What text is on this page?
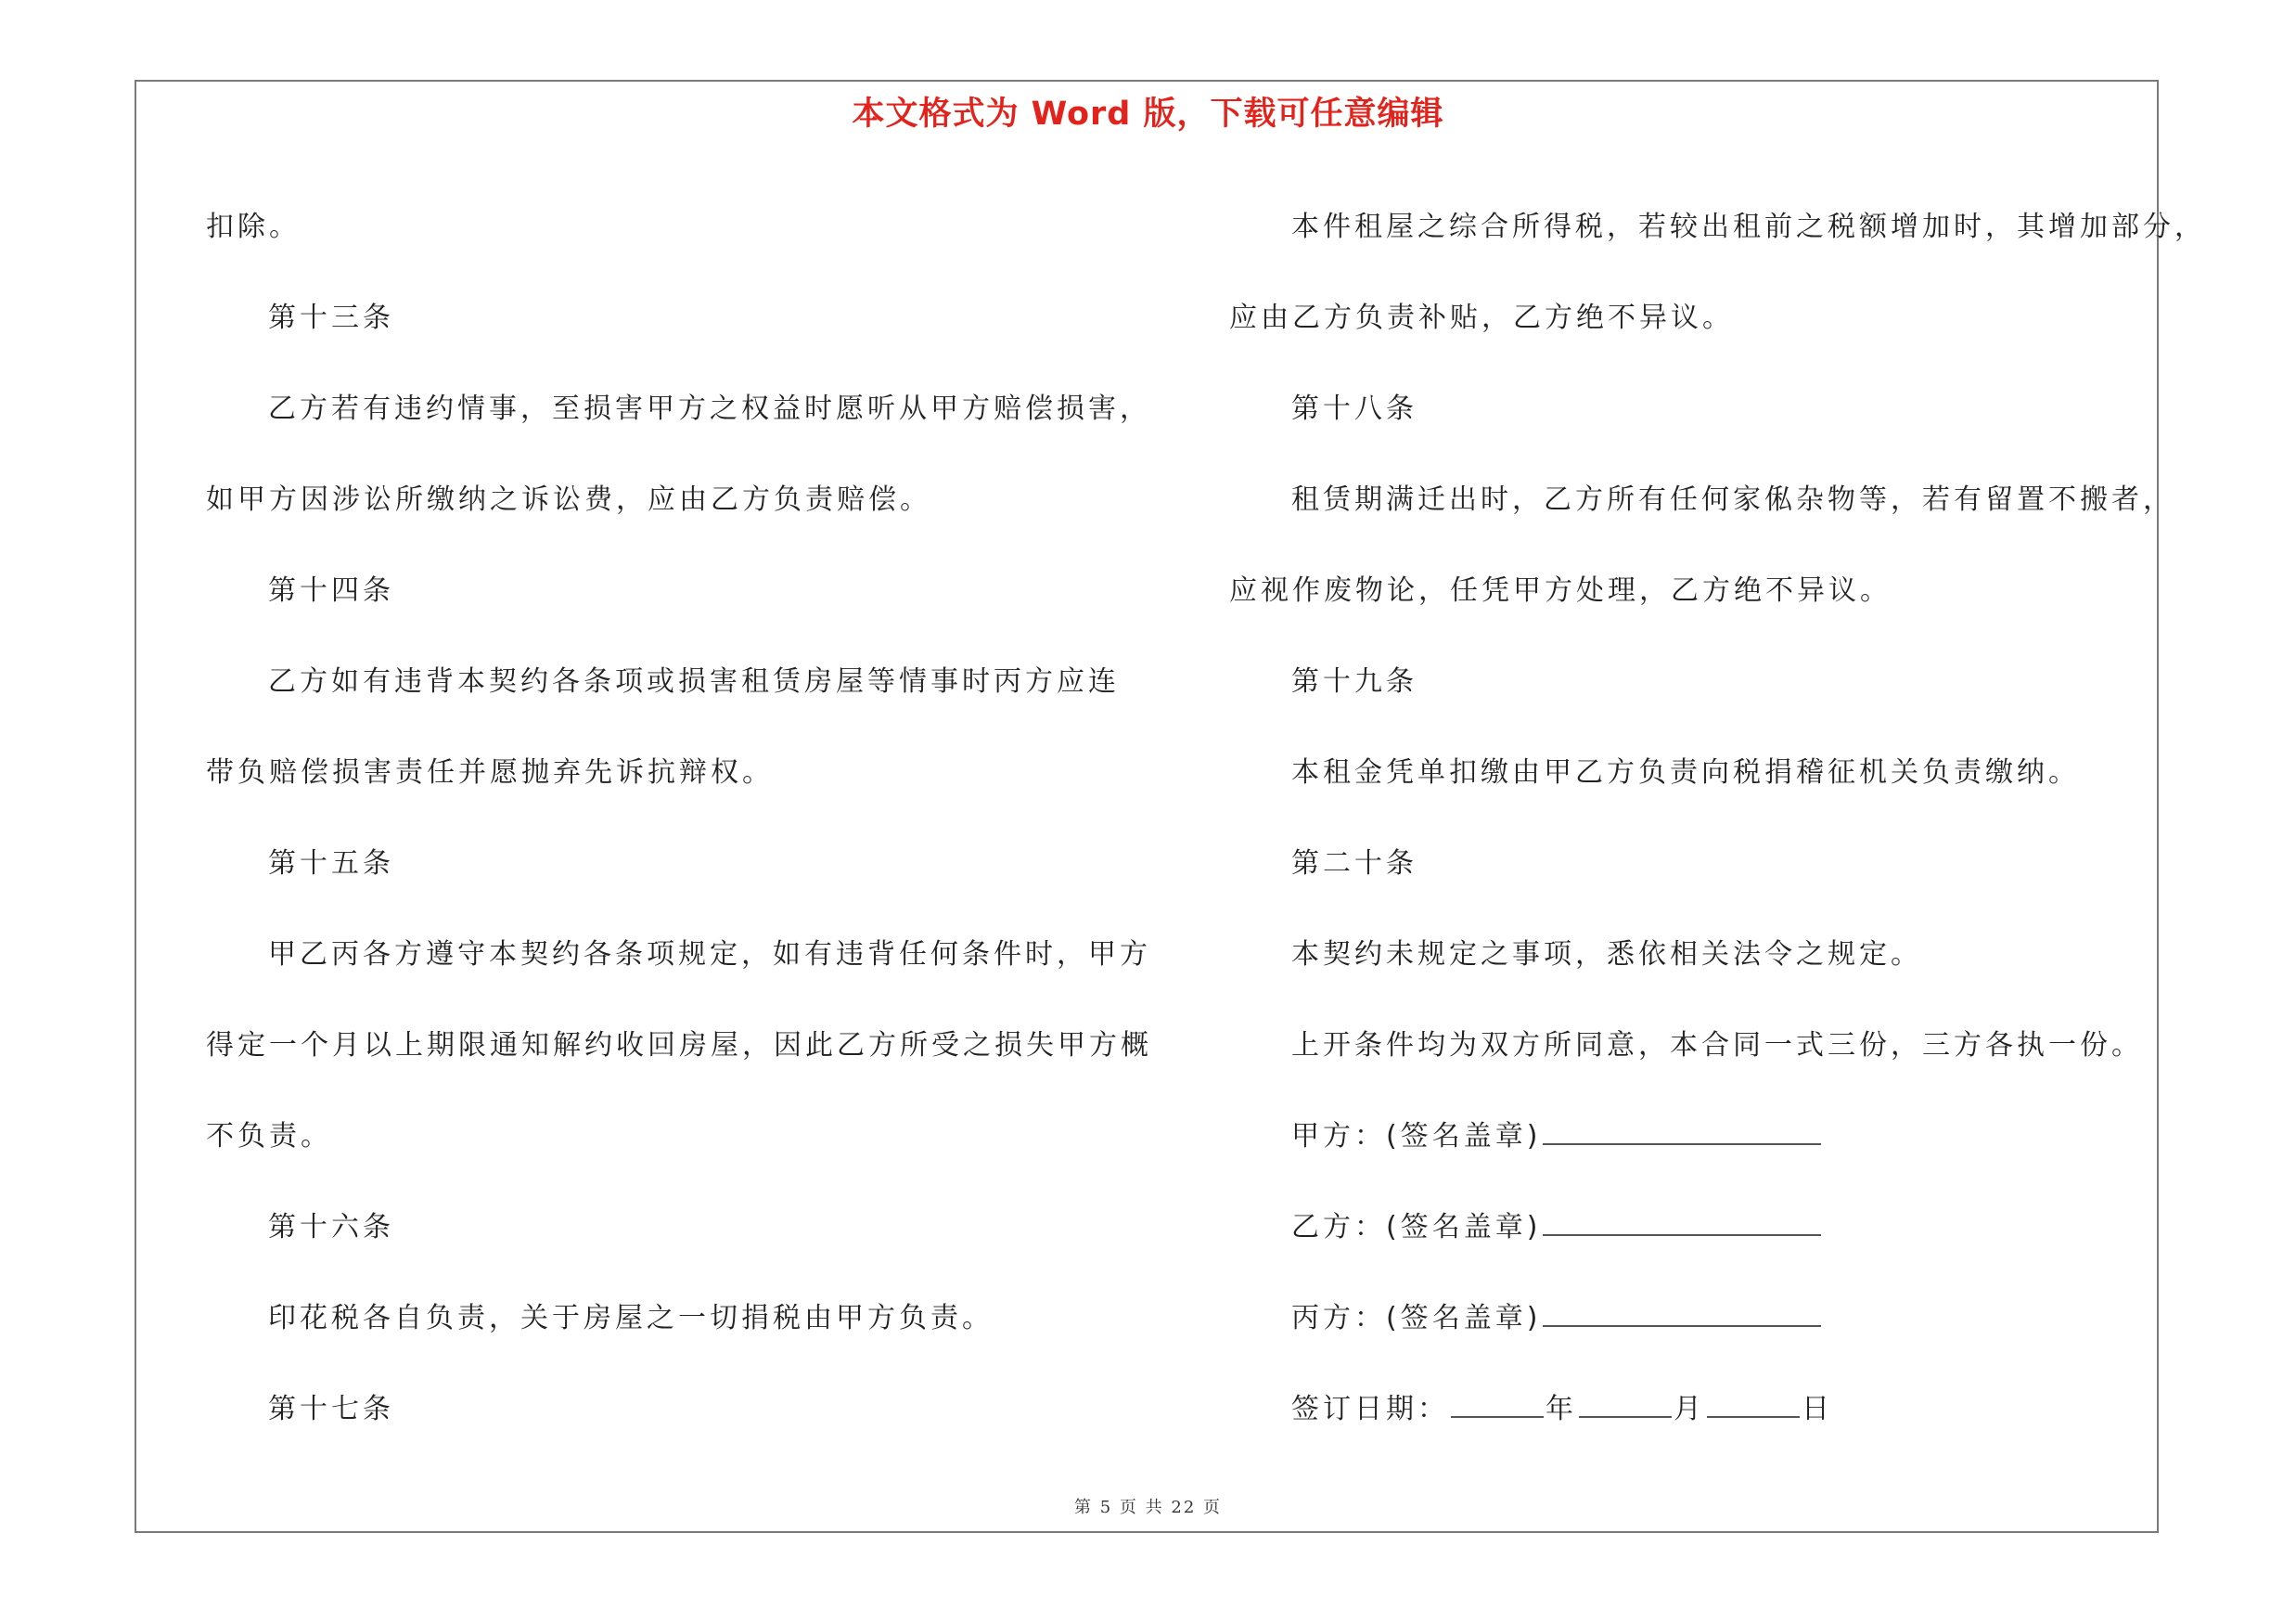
本文格式为 Word 版，下载可任意编辑

扣除。

第十三条

乙方若有违约情事，至损害甲方之权益时愿听从甲方赔偿损害，

如甲方因涉讼所缴纳之诉讼费，应由乙方负责赔偿。

第十四条

乙方如有违背本契约各条项或损害租赁房屋等情事时丙方应连

带负赔偿损害责任并愿抛弃先诉抗辩权。

第十五条

甲乙丙各方遵守本契约各条项规定，如有违背任何条件时，甲方

得定一个月以上期限通知解约收回房屋，因此乙方所受之损失甲方概

不负责。

第十六条

印花税各自负责，关于房屋之一切捐税由甲方负责。

第十七条

本件租屋之综合所得税，若较出租前之税额增加时，其增加部分，

应由乙方负责补贴，乙方绝不异议。

第十八条

租赁期满迁出时，乙方所有任何家俬杂物等，若有留置不搬者，

应视作废物论，任凭甲方处理，乙方绝不异议。

第十九条

本租金凭单扣缴由甲乙方负责向税捐稽征机关负责缴纳。

第二十条

本契约未规定之事项，悉依相关法令之规定。

上开条件均为双方所同意，本合同一式三份，三方各执一份。

甲方：(签名盖章)

乙方：(签名盖章)

丙方：(签名盖章)

签订日期：	年	月	日

第 5 页 共 22 页
